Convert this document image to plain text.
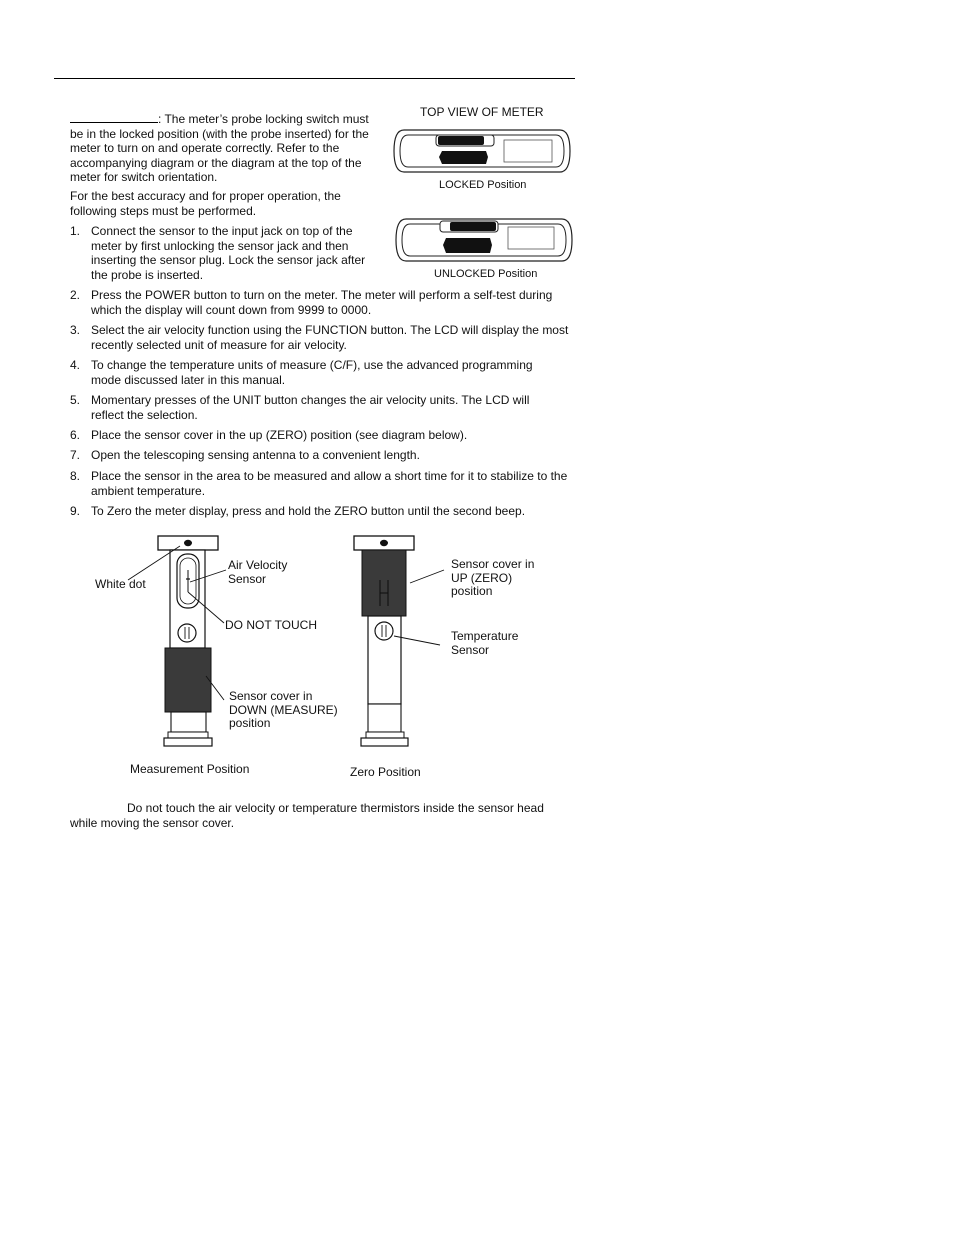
: The meter’s probe locking switch must be in the locked position (with the probe inserted) for the meter to turn on and operate correctly. Refer to the accompanying diagram or the diagram at the top of the meter for switch orientation.

For the best accuracy and for proper operation, the following steps must be performed.

TOP VIEW OF METER
LOCKED Position
UNLOCKED Position
1. Connect the sensor to the input jack on top of the meter by first unlocking the sensor jack and then inserting the sensor plug. Lock the sensor jack after the probe is inserted.
2. Press the POWER button to turn on the meter. The meter will perform a self-test during which the display will count down from 9999 to 0000.
3. Select the air velocity function using the FUNCTION button. The LCD will display the most recently selected unit of measure for air velocity.
4. To change the temperature units of measure (C/F), use the advanced programming mode discussed later in this manual.
5. Momentary presses of the UNIT button changes the air velocity units. The LCD will reflect the selection.
6. Place the sensor cover in the up (ZERO) position (see diagram below).
7. Open the telescoping sensing antenna to a convenient length.
8. Place the sensor in the area to be measured and allow a short time for it to stabilize to the ambient temperature.
9. To Zero the meter display, press and hold the ZERO button until the second beep.
White dot
Air Velocity
Sensor
DO NOT TOUCH
Sensor cover in
DOWN (MEASURE)
position
Measurement Position
Sensor cover in
UP (ZERO)
position
Temperature
Sensor
Zero Position

Do not touch the air velocity or temperature thermistors inside the sensor head while moving the sensor cover.
